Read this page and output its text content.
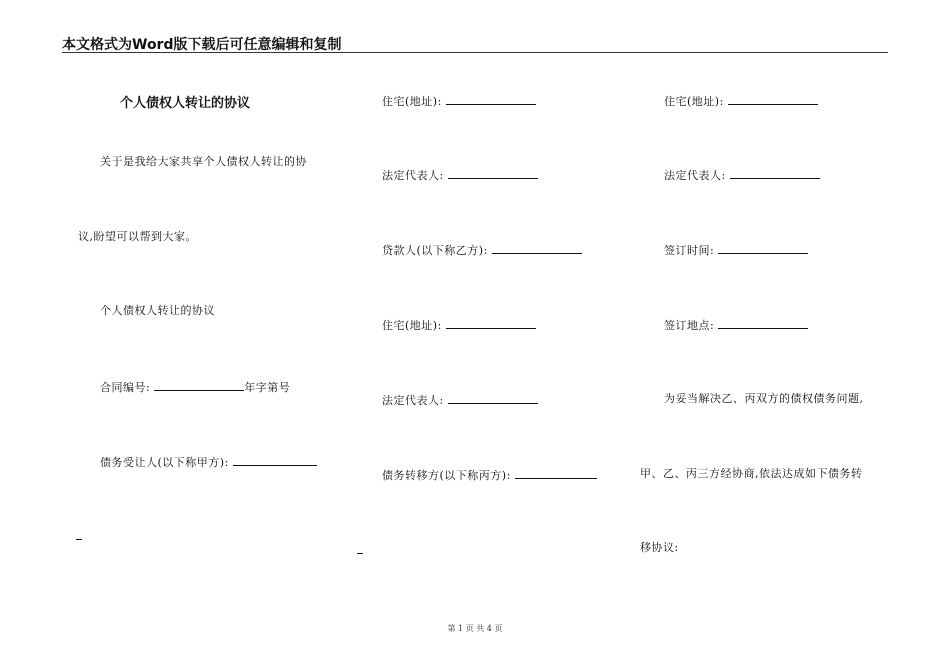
本文格式为Word版下载后可任意编辑和复制
个人债权人转让的协议
关于是我给大家共享个人债权人转让的协
议,盼望可以帮到大家。
个人债权人转让的协议
合同编号:	年字第号
债务受让人(以下称甲方):
住宅(地址):
法定代表人:
贷款人(以下称乙方):
住宅(地址):
法定代表人:
债务转移方(以下称丙方):
住宅(地址):
法定代表人:
签订时间:
签订地点:
为妥当解决乙、丙双方的债权债务问题,
甲、乙、丙三方经协商,依法达成如下债务转
移协议:
第 1 页 共 4 页
